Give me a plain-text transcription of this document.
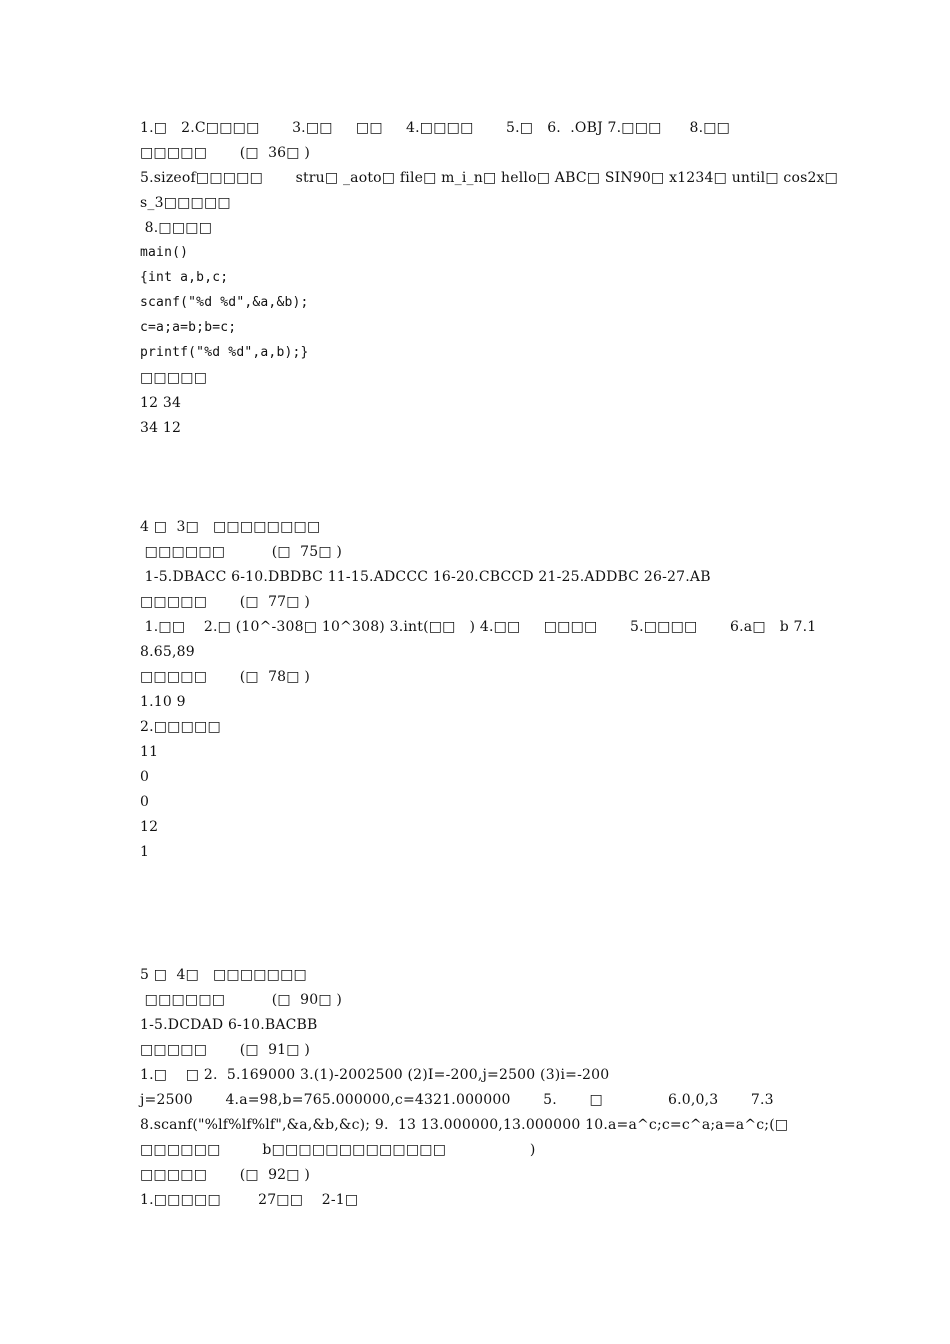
1.□   2.C□□□□       3.□□     □□     4.□□□□       5.□   6.  .OBJ 7.□□□      8.□□
□□□□□       (□  36□ )
5.sizeof□□□□□       stru□ _aoto□ file□ m_i_n□ hello□ ABC□ SIN90□ x1234□ until□ cos2x□
s_3□□□□□
8.□□□□
main()
{int a,b,c;
scanf("%d %d",&a,&b);
c=a;a=b;b=c;
printf("%d %d",a,b);}
□□□□□
12 34
34 12
4 □  3□   □□□□□□□□
□□□□□□          (□  75□ )
1-5.DBACC 6-10.DBDBC 11-15.ADCCC 16-20.CBCCD 21-25.ADDBC 26-27.AB
□□□□□       (□  77□ )
1.□□    2.□ (10^-308□ 10^308) 3.int(□□   ) 4.□□     □□□□       5.□□□□       6.a□   b 7.1
8.65,89
□□□□□       (□  78□ )
1.10 9
2.□□□□□
11
0
0
12
1
5 □  4□   □□□□□□□
□□□□□□          (□  90□ )
1-5.DCDAD 6-10.BACBB
□□□□□       (□  91□ )
1.□    □ 2.  5.169000 3.(1)-2002500 (2)I=-200,j=2500 (3)i=-200
j=2500       4.a=98,b=765.000000,c=4321.000000       5.       □              6.0,0,3       7.3
8.scanf("%lf%lf%lf",&a,&b,&c); 9.  13 13.000000,13.000000 10.a=a^c;c=c^a;a=a^c;(□
□□□□□□         b□□□□□□□□□□□□□                  )
□□□□□       (□  92□ )
1.□□□□□        27□□    2-1□
